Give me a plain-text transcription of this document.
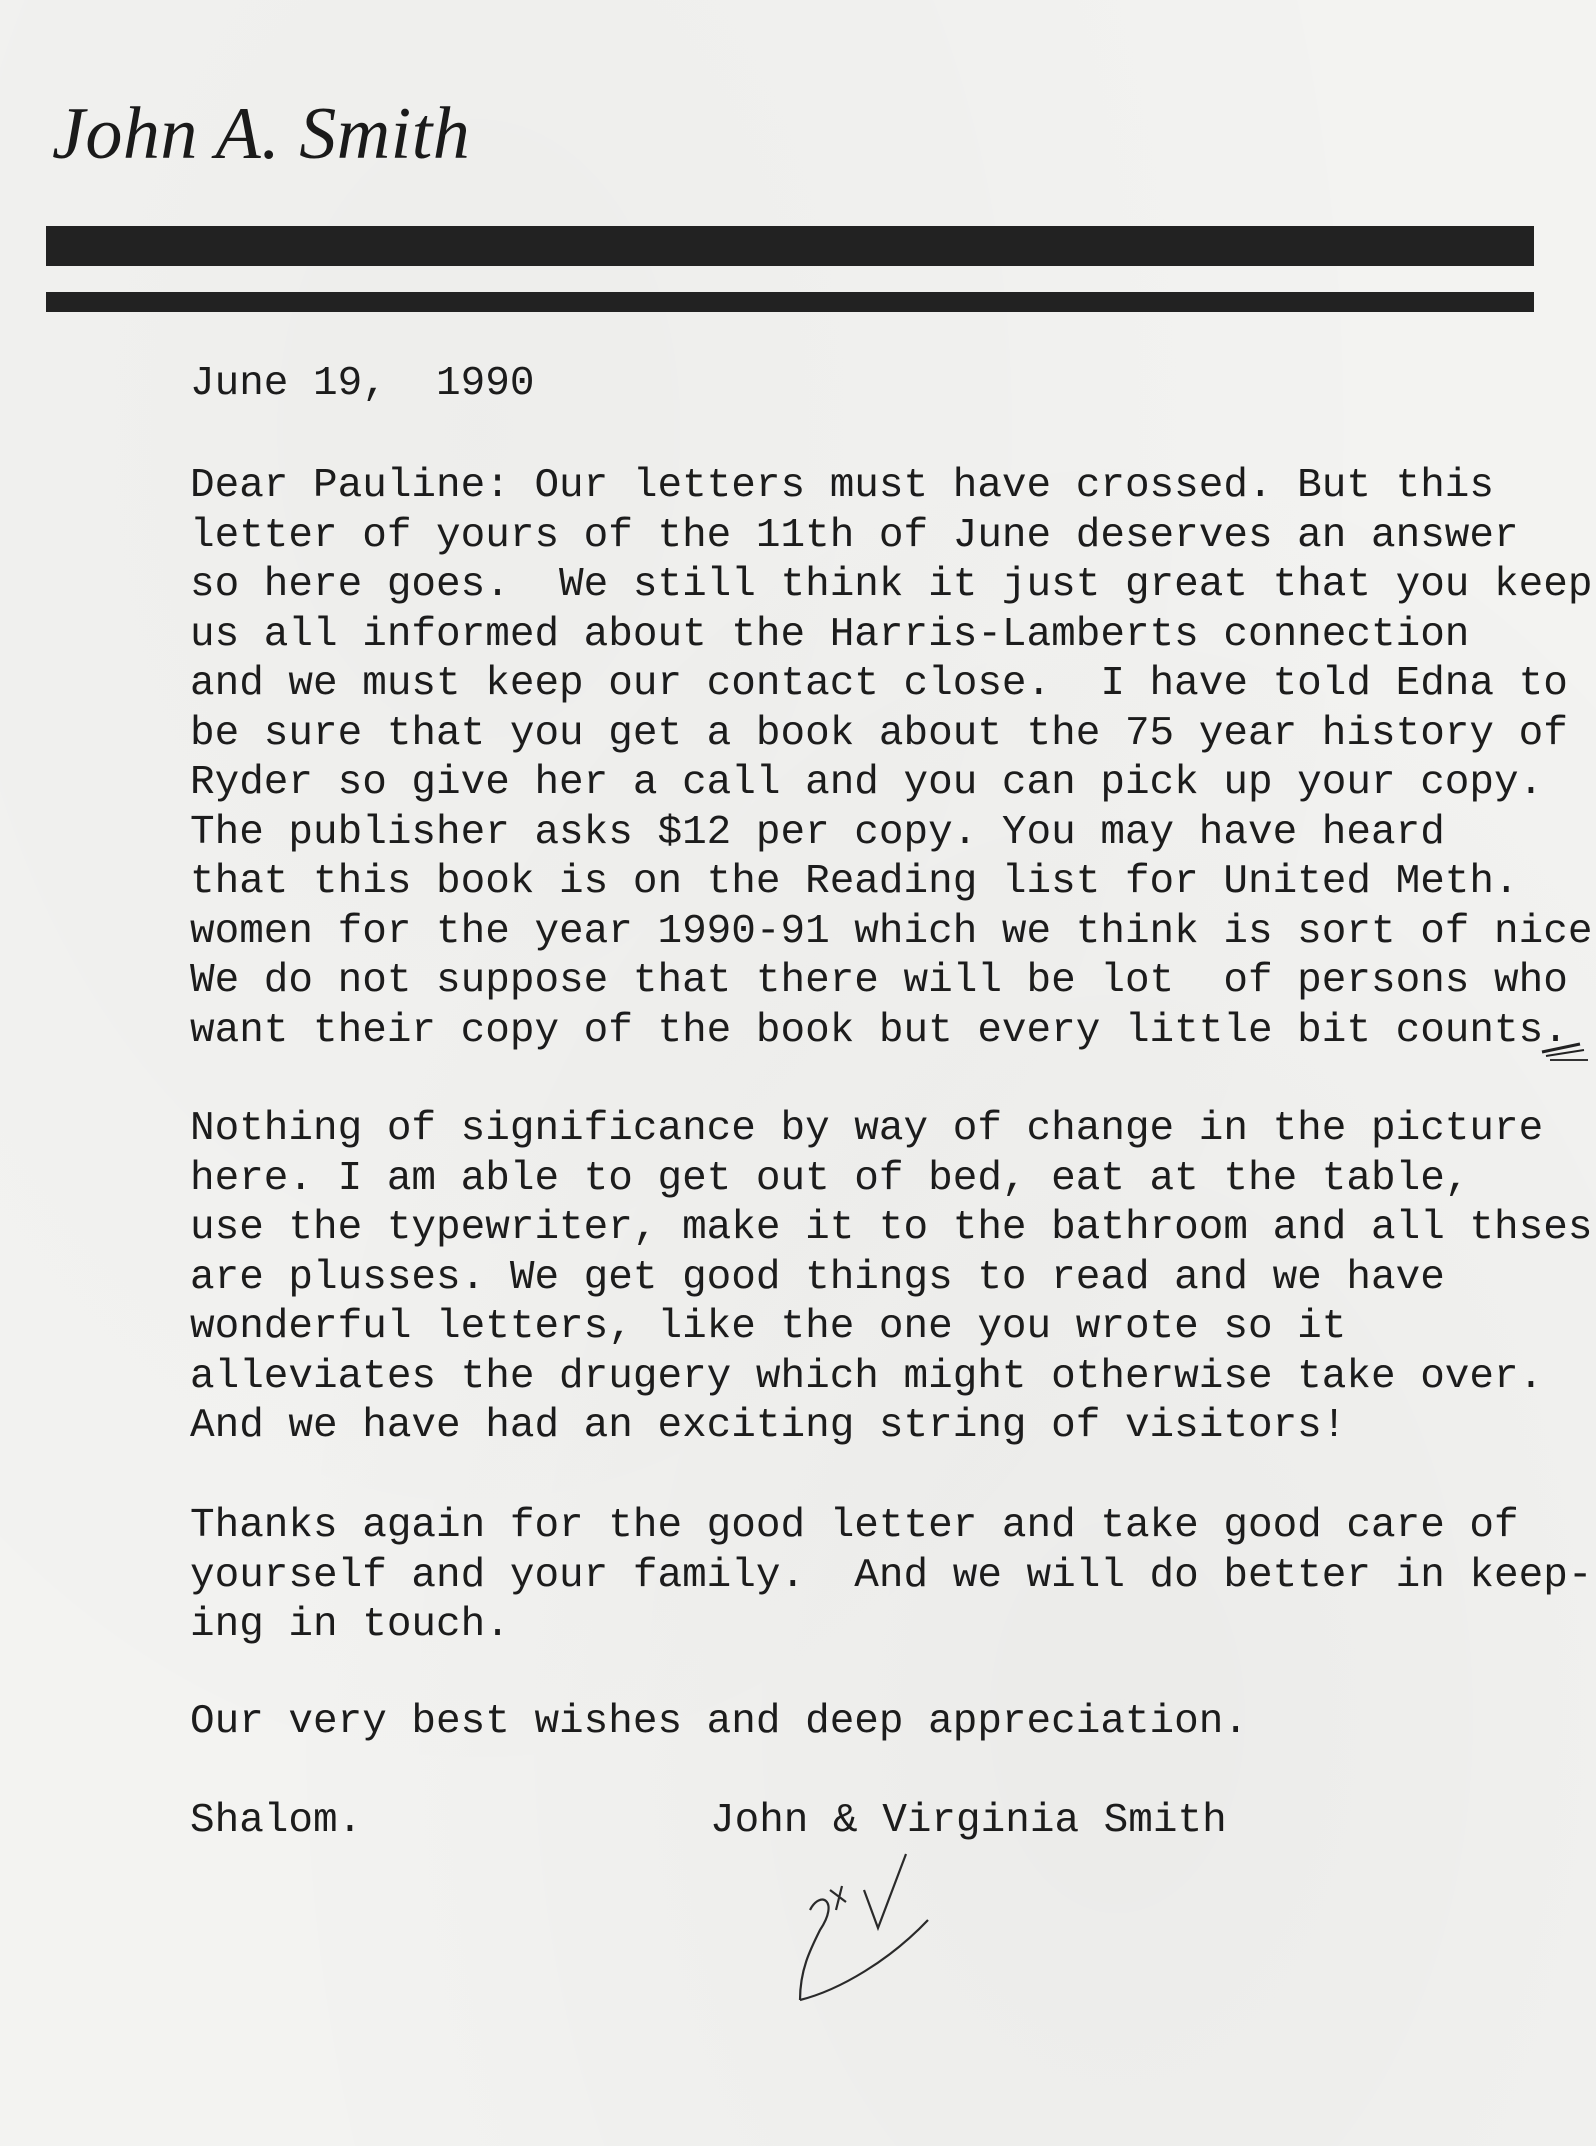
John A. Smith
June 19,  1990
Dear Pauline: Our letters must have crossed. But this
letter of yours of the 11th of June deserves an answer
so here goes.  We still think it just great that you keep
us all informed about the Harris-Lamberts connection
and we must keep our contact close.  I have told Edna to
be sure that you get a book about the 75 year history of
Ryder so give her a call and you can pick up your copy.
The publisher asks $12 per copy. You may have heard
that this book is on the Reading list for United Meth.
women for the year 1990-91 which we think is sort of nice
We do not suppose that there will be lot  of persons who
want their copy of the book but every little bit counts.
Nothing of significance by way of change in the picture
here. I am able to get out of bed, eat at the table,
use the typewriter, make it to the bathroom and all thses
are plusses. We get good things to read and we have
wonderful letters, like the one you wrote so it
alleviates the drugery which might otherwise take over.
And we have had an exciting string of visitors!
Thanks again for the good letter and take good care of
yourself and your family.  And we will do better in keep-
ing in touch.
Our very best wishes and deep appreciation.

Shalom.

	John & Virginia Smith
